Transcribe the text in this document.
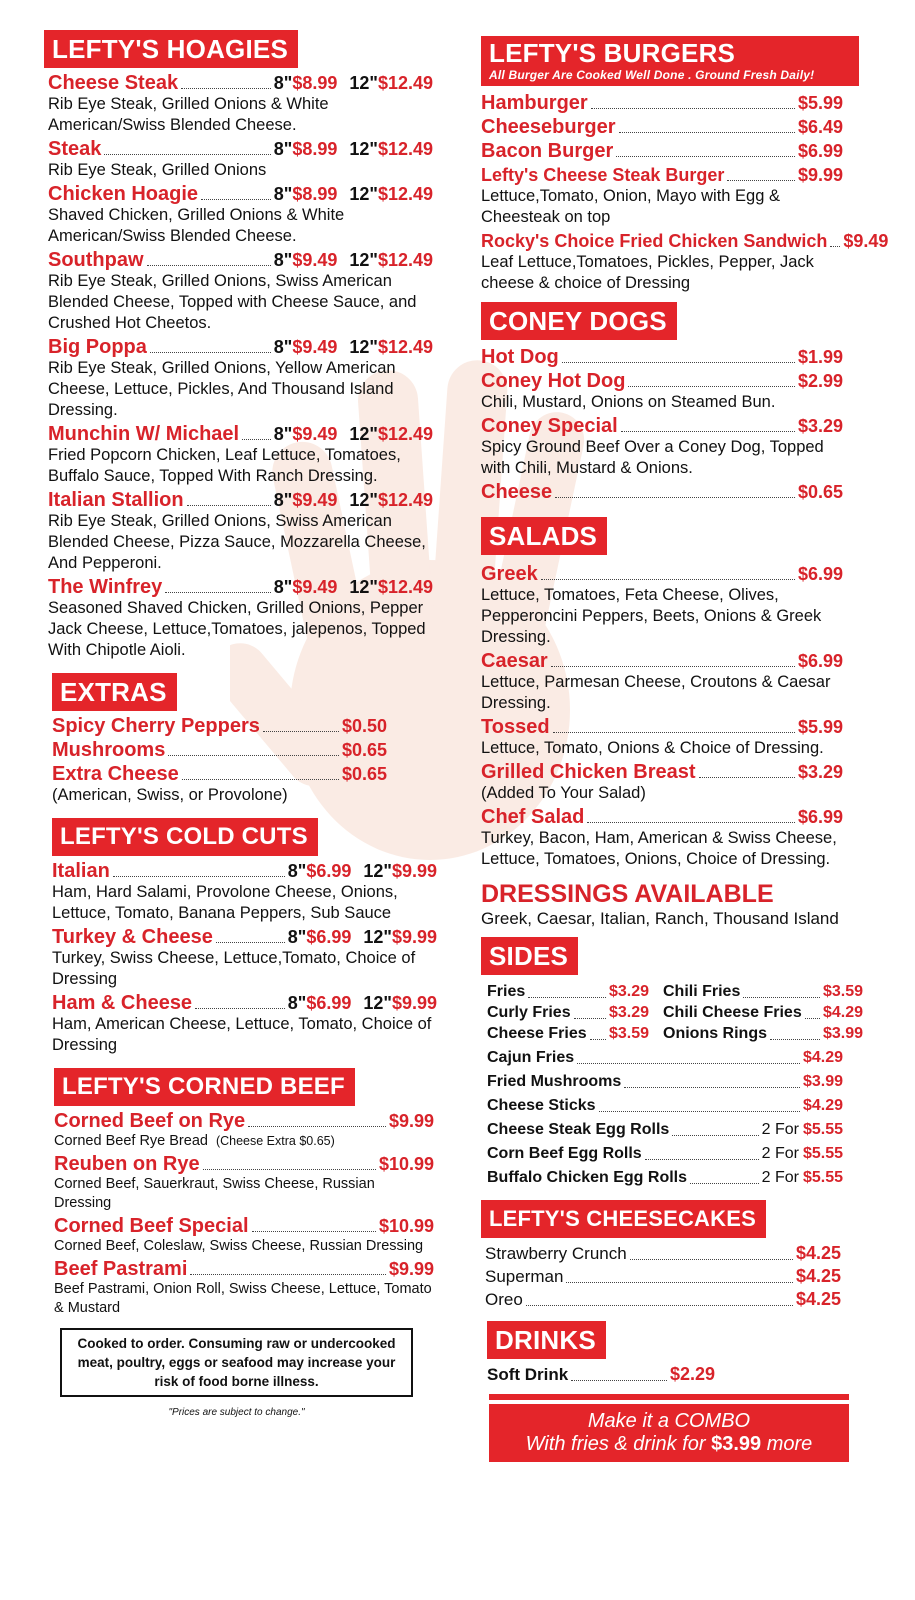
LEFTY'S HOAGIES
Cheese Steak	8" $8.99 12" $12.49
Rib Eye Steak, Grilled Onions & White American/Swiss Blended Cheese.
Steak	8" $8.99 12" $12.49
Rib Eye Steak, Grilled Onions
Chicken Hoagie	8" $8.99 12" $12.49
Shaved Chicken, Grilled Onions & White American/Swiss Blended Cheese.
Southpaw	8" $9.49 12" $12.49
Rib Eye Steak, Grilled Onions, Swiss American Blended Cheese, Topped with Cheese Sauce, and Crushed Hot Cheetos.
Big Poppa	8" $9.49 12" $12.49
Rib Eye Steak, Grilled Onions, Yellow American Cheese, Lettuce, Pickles, And Thousand Island Dressing.
Munchin W/ Michael 8" $9.49 12" $12.49
Fried Popcorn Chicken, Leaf Lettuce, Tomatoes, Buffalo Sauce, Topped With Ranch Dressing.
Italian Stallion	8" $9.49 12" $12.49
Rib Eye Steak, Grilled Onions, Swiss American Blended Cheese, Pizza Sauce, Mozzarella Cheese, And Pepperoni.
The Winfrey	8" $9.49 12" $12.49
Seasoned Shaved Chicken, Grilled Onions, Pepper Jack Cheese, Lettuce,Tomatoes, jalepenos, Topped With Chipotle Aioli.
EXTRAS
Spicy Cherry Peppers	$0.50
Mushrooms	$0.65
Extra Cheese	$0.65
(American, Swiss, or Provolone)
LEFTY'S COLD CUTS
Italian	8" $6.99 12" $9.99
Ham, Hard Salami, Provolone Cheese, Onions, Lettuce, Tomato, Banana Peppers, Sub Sauce
Turkey & Cheese	8" $6.99 12" $9.99
Turkey, Swiss Cheese, Lettuce,Tomato, Choice of Dressing
Ham & Cheese	8" $6.99 12" $9.99
Ham, American Cheese, Lettuce, Tomato, Choice of Dressing
LEFTY'S CORNED BEEF
Corned Beef on Rye	$9.99
Corned Beef Rye Bread (Cheese Extra $0.65)
Reuben on Rye	$10.99
Corned Beef, Sauerkraut, Swiss Cheese, Russian Dressing
Corned Beef Special	$10.99
Corned Beef, Coleslaw, Swiss Cheese, Russian Dressing
Beef Pastrami	$9.99
Beef Pastrami, Onion Roll, Swiss Cheese, Lettuce, Tomato & Mustard
Cooked to order. Consuming raw or undercooked meat, poultry, eggs or seafood may increase your risk of food borne illness.
"Prices are subject to change."
LEFTY'S BURGERS
All Burger Are Cooked Well Done . Ground Fresh Daily!
Hamburger	$5.99
Cheeseburger	$6.49
Bacon Burger	$6.99
Lefty's Cheese Steak Burger	$9.99
Lettuce,Tomato, Onion, Mayo with Egg & Cheesteak on top
Rocky's Choice Fried Chicken Sandwich $9.49
Leaf Lettuce,Tomatoes, Pickles, Pepper, Jack cheese & choice of Dressing
CONEY DOGS
Hot Dog	$1.99
Coney Hot Dog	$2.99
Chili, Mustard, Onions on Steamed Bun.
Coney Special	$3.29
Spicy Ground Beef Over a Coney Dog, Topped with Chili, Mustard & Onions.
Cheese	$0.65
SALADS
Greek	$6.99
Lettuce, Tomatoes, Feta Cheese, Olives, Pepperoncini Peppers, Beets, Onions & Greek Dressing.
Caesar	$6.99
Lettuce, Parmesan Cheese, Croutons & Caesar Dressing.
Tossed	$5.99
Lettuce, Tomato, Onions & Choice of Dressing.
Grilled Chicken Breast	$3.29
(Added To Your Salad)
Chef Salad	$6.99
Turkey, Bacon, Ham, American & Swiss Cheese, Lettuce, Tomatoes, Onions, Choice of Dressing.
DRESSINGS AVAILABLE
Greek, Caesar, Italian, Ranch, Thousand Island
SIDES
Fries	$3.29 Chili Fries	$3.59
Curly Fries $3.29 Chili Cheese Fries $4.29
Cheese Fries $3.59 Onions Rings	$3.99
Cajun Fries	$4.29
Fried Mushrooms	$3.99
Cheese Sticks	$4.29
Cheese Steak Egg Rolls	2 For $5.55
Corn Beef Egg Rolls	2 For $5.55
Buffalo Chicken Egg Rolls	2 For $5.55
LEFTY'S CHEESECAKES
Strawberry Crunch	$4.25
Superman	$4.25
Oreo	$4.25
DRINKS
Soft Drink	$2.29
Make it a COMBO
With fries & drink for $3.99 more
